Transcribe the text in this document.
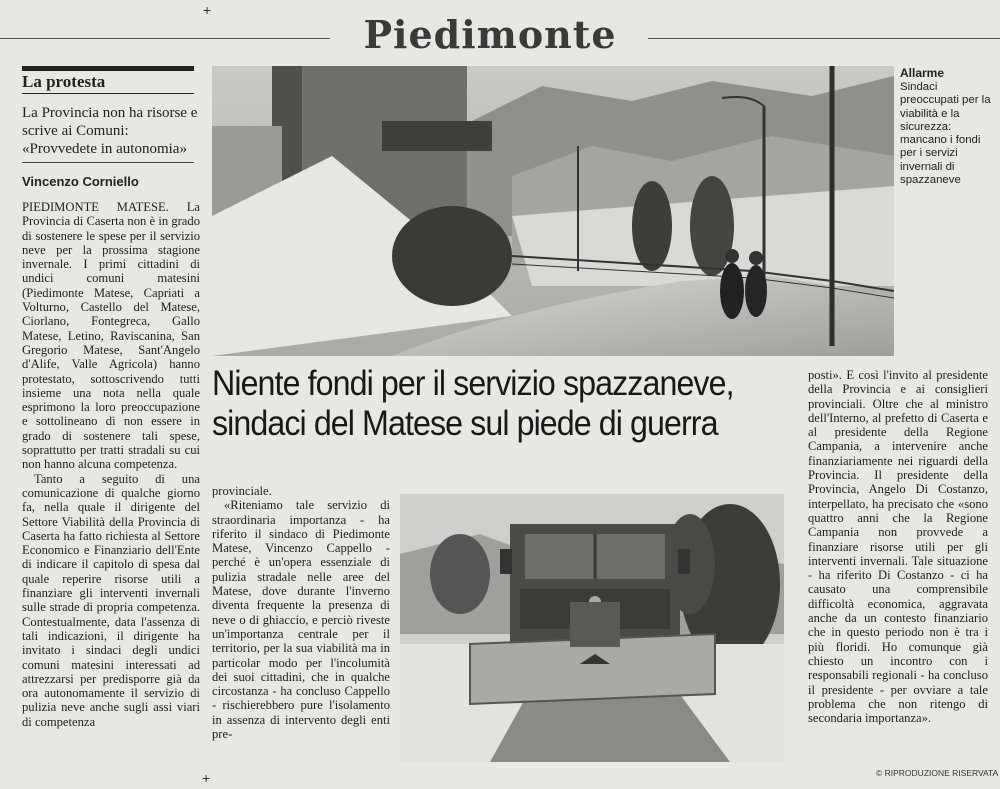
Piedimonte
La protesta
La Provincia non ha risorse e scrive ai Comuni: «Provvedete in autonomia»
Vincenzo Corniello

PIEDIMONTE MATESE. La Provincia di Caserta non è in grado di sostenere le spese per il servizio neve per la prossima stagione invernale. I primi cittadini di undici comuni matesini (Piedimonte Matese, Capriati a Volturno, Castello del Matese, Ciorlano, Fontegreca, Gallo Matese, Letino, Raviscanina, San Gregorio Matese, Sant'Angelo d'Alife, Valle Agricola) hanno protestato, sottoscrivendo tutti insieme una nota nella quale esprimono la loro preoccupazione e sottolineano di non essere in grado di sostenere tali spese, soprattutto per tratti stradali su cui non hanno alcuna competenza.

Tanto a seguito di una comunicazione di qualche giorno fa, nella quale il dirigente del Settore Viabilità della Provincia di Caserta ha fatto richiesta al Settore Economico e Finanziario dell'Ente di indicare il capitolo di spesa dal quale reperire risorse utili a finanziare gli interventi invernali sulle strade di propria competenza. Contestualmente, data l'assenza di tali indicazioni, il dirigente ha invitato i sindaci degli undici comuni matesini interessati ad attrezzarsi per predisporre già da ora autonomamente il servizio di pulizia neve anche sugli assi viari di competenza

Allarme
Sindaci preoccupati per la viabilità e la sicurezza: mancano i fondi per i servizi invernali di spazzaneve
Niente fondi per il servizio spazzaneve,
sindaci del Matese sul piede di guerra

provinciale.

«Riteniamo tale servizio di straordinaria importanza - ha riferito il sindaco di Piedimonte Matese, Vincenzo Cappello - perché è un'opera essenziale di pulizia stradale nelle aree del Matese, dove durante l'inverno diventa frequente la presenza di neve o di ghiaccio, e perciò riveste un'importanza centrale per il territorio, per la sua viabilità ma in particolar modo per l'incolumità dei suoi cittadini, che in qualche circostanza - ha concluso Cappello - rischierebbero pure l'isolamento in assenza di intervento degli enti pre-

posti». E così l'invito al presidente della Provincia e ai consiglieri provinciali. Oltre che al ministro dell'Interno, al prefetto di Caserta e al presidente della Regione Campania, a intervenire anche finanziariamente nei riguardi della Provincia. Il presidente della Provincia, Angelo Di Costanzo, interpellato, ha precisato che «sono quattro anni che la Regione Campania non provvede a finanziare risorse utili per gli interventi invernali. Tale situazione - ha riferito Di Costanzo - ci ha causato una comprensibile difficoltà economica, aggravata anche da un contesto finanziario che in questo periodo non è tra i più floridi. Ho comunque già chiesto un incontro con i responsabili regionali - ha concluso il presidente - per ovviare a tale problema che non ritengo di secondaria importanza».

© RIPRODUZIONE RISERVATA
+
+
